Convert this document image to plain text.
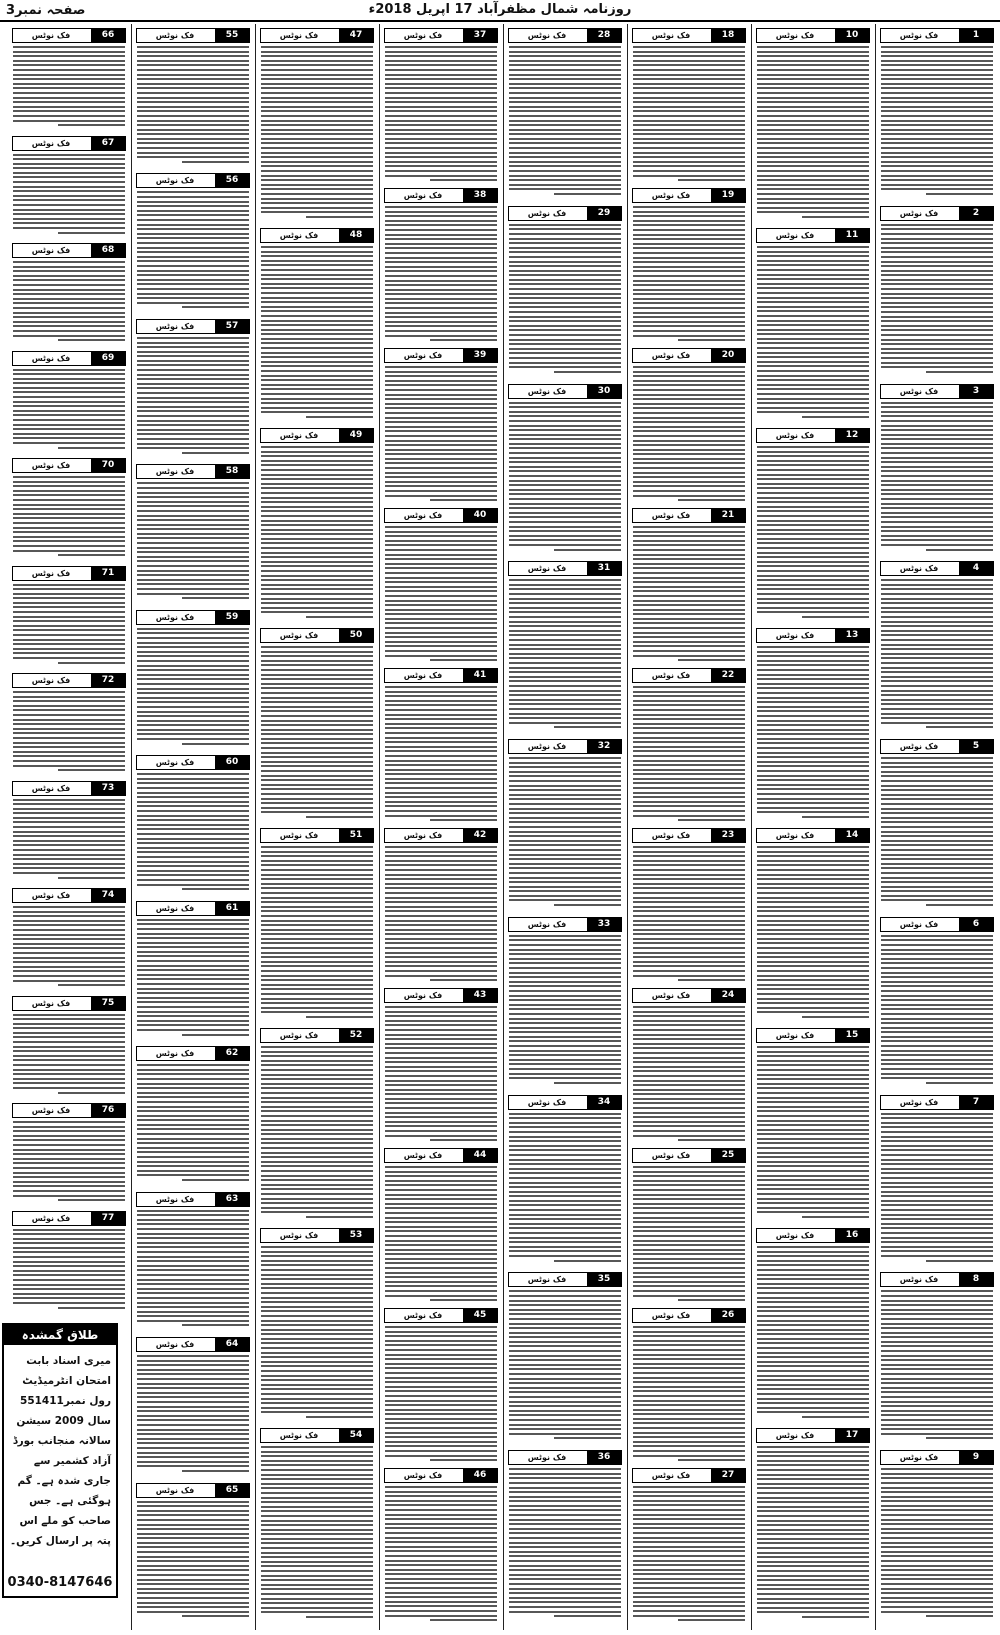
صفحہ نمبر3	روزنامہ شمال مظفرآباد 17 اپریل 2018ء
فک نوٹس	1
فک نوٹس	2
فک نوٹس	3
فک نوٹس	4
فک نوٹس	5
فک نوٹس	6
فک نوٹس	7
فک نوٹس	8
فک نوٹس	9
فک نوٹس	10
فک نوٹس	11
فک نوٹس	12
فک نوٹس	13
فک نوٹس	14
فک نوٹس	15
فک نوٹس	16
فک نوٹس	17
فک نوٹس	18
فک نوٹس	19
فک نوٹس	20
فک نوٹس	21
فک نوٹس	22
فک نوٹس	23
فک نوٹس	24
فک نوٹس	25
فک نوٹس	26
فک نوٹس	27
فک نوٹس	28
فک نوٹس	29
فک نوٹس	30
فک نوٹس	31
فک نوٹس	32
فک نوٹس	33
فک نوٹس	34
فک نوٹس	35
فک نوٹس	36
فک نوٹس	37
فک نوٹس	38
فک نوٹس	39
فک نوٹس	40
فک نوٹس	41
فک نوٹس	42
فک نوٹس	43
فک نوٹس	44
فک نوٹس	45
فک نوٹس	46
فک نوٹس	47
فک نوٹس	48
فک نوٹس	49
فک نوٹس	50
فک نوٹس	51
فک نوٹس	52
فک نوٹس	53
فک نوٹس	54
فک نوٹس	55
فک نوٹس	56
فک نوٹس	57
فک نوٹس	58
فک نوٹس	59
فک نوٹس	60
فک نوٹس	61
فک نوٹس	62
فک نوٹس	63
فک نوٹس	64
فک نوٹس	65
فک نوٹس	66
فک نوٹس	67
فک نوٹس	68
فک نوٹس	69
فک نوٹس	70
فک نوٹس	71
فک نوٹس	72
فک نوٹس	73
فک نوٹس	74
فک نوٹس	75
فک نوٹس	76
فک نوٹس	77
طلاق گمشدہ
میری اسناد بابت امتحان انٹرمیڈیٹ رول نمبر551411 سال 2009 سیشن سالانہ منجانب بورڈ آزاد کشمیر سے جاری شدہ ہے۔ گم ہوگئی ہے۔ جس صاحب کو ملے اس پتہ پر ارسال کریں۔
0340-8147646
